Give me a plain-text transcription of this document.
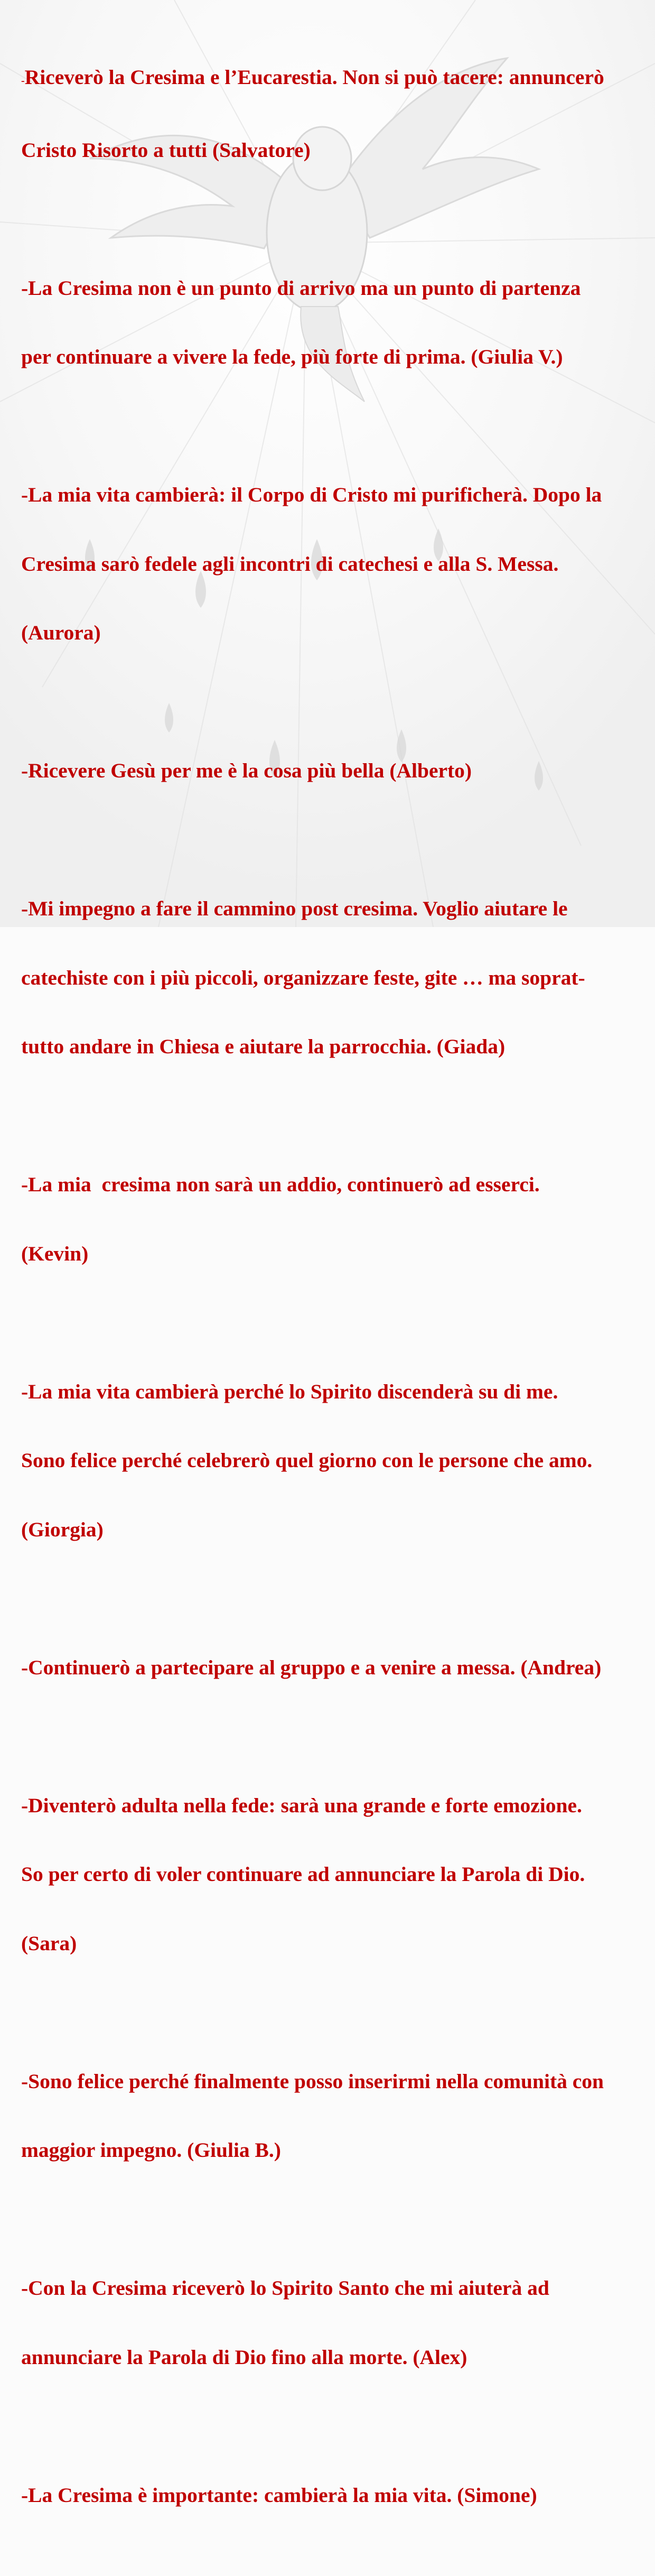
-Riceverò la Cresima e l’Eucarestia. Non si può tacere: annuncerò

Cristo Risorto a tutti (Salvatore)

-La Cresima non è un punto di arrivo ma un punto di partenza

per continuare a vivere la fede, più forte di prima. (Giulia V.)

-La mia vita cambierà: il Corpo di Cristo mi purificherà. Dopo la

Cresima sarò fedele agli incontri di catechesi e alla S. Messa.

(Aurora)

-Ricevere Gesù per me è la cosa più bella (Alberto)

-Mi impegno a fare il cammino post cresima. Voglio aiutare le

catechiste con i più piccoli, organizzare feste, gite … ma soprat-

tutto andare in Chiesa e aiutare la parrocchia. (Giada)

-La mia  cresima non sarà un addio, continuerò ad esserci.

(Kevin)

-La mia vita cambierà perché lo Spirito discenderà su di me.

Sono felice perché celebrerò quel giorno con le persone che amo.

(Giorgia)

-Continuerò a partecipare al gruppo e a venire a messa. (Andrea)

-Diventerò adulta nella fede: sarà una grande e forte emozione.

So per certo di voler continuare ad annunciare la Parola di Dio.

(Sara)

-Sono felice perché finalmente posso inserirmi nella comunità con

maggior impegno. (Giulia B.)

-Con la Cresima riceverò lo Spirito Santo che mi aiuterà ad

annunciare la Parola di Dio fino alla morte. (Alex)

-La Cresima è importante: cambierà la mia vita. (Simone)
